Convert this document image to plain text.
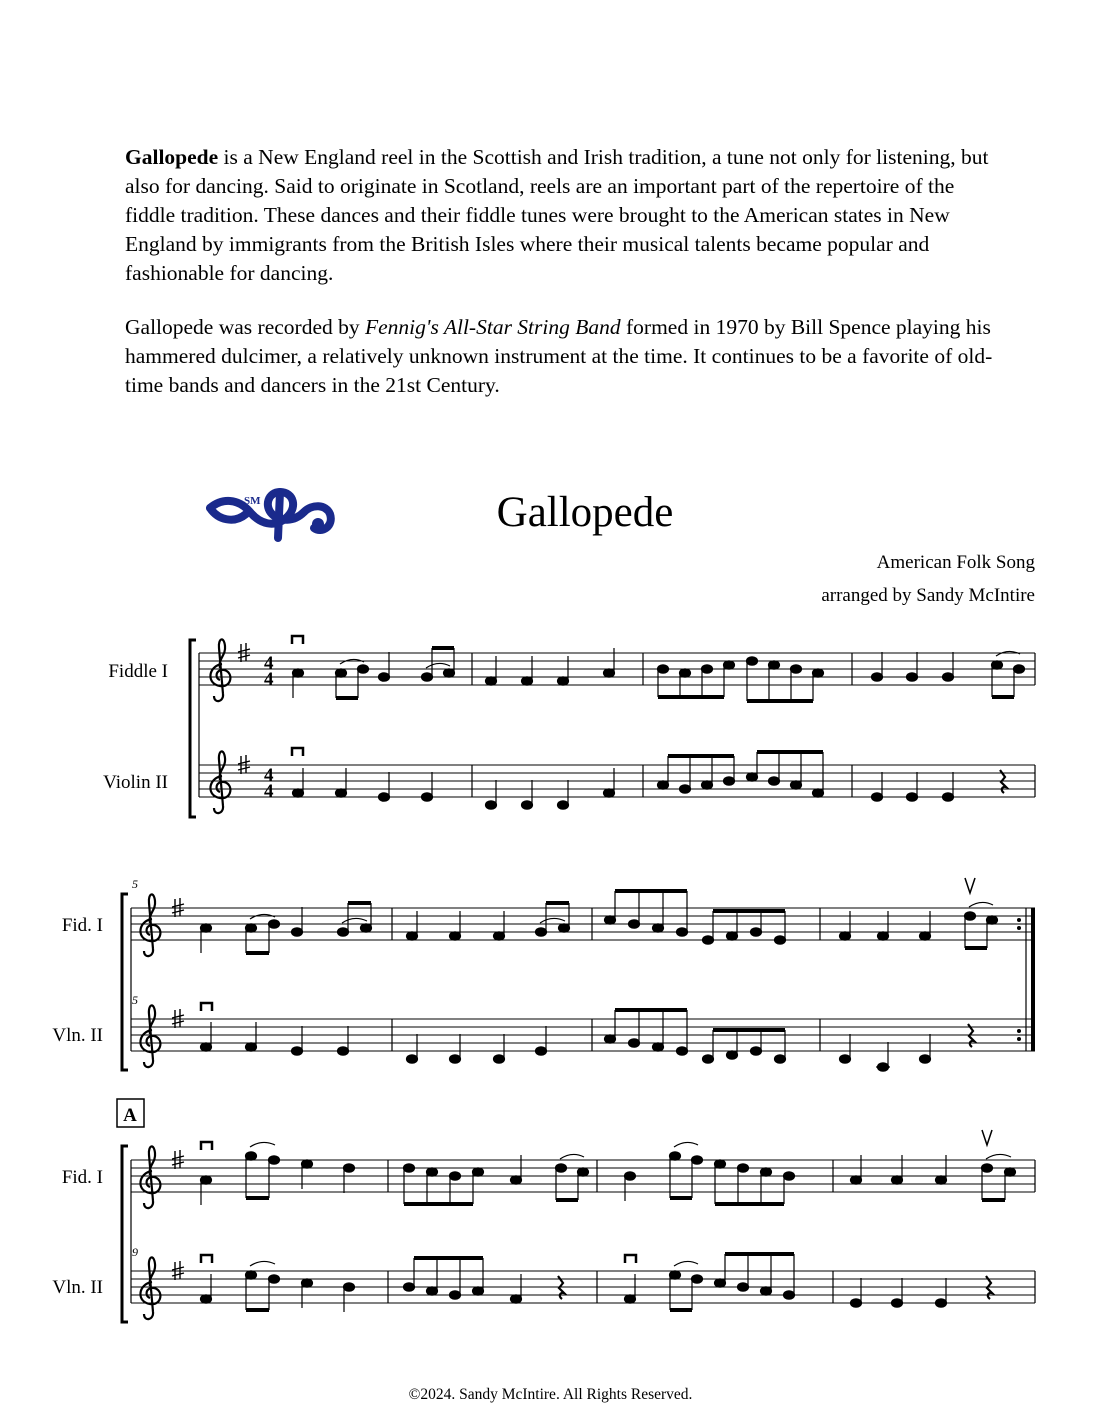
Gallopede is a New England reel in the Scottish and Irish tradition, a tune not only for listening, but also for dancing. Said to originate in Scotland, reels are an important part of the repertoire of the fiddle tradition. These dances and their fiddle tunes were brought to the American states in New England by immigrants from the British Isles where their musical talents became popular and fashionable for dancing.

Gallopede was recorded by Fennig's All-Star String Band formed in 1970 by Bill Spence playing his hammered dulcimer, a relatively unknown instrument at the time. It continues to be a favorite of old-time bands and dancers in the 21st Century.

SM	Gallopede
American Folk Song
arranged by Sandy McIntire
Fiddle I
Violin II
4
4
4
4
5
Fid. I
Vln. II
5
A
Fid. I
Vln. II
9
©2024. Sandy McIntire. All Rights Reserved.
